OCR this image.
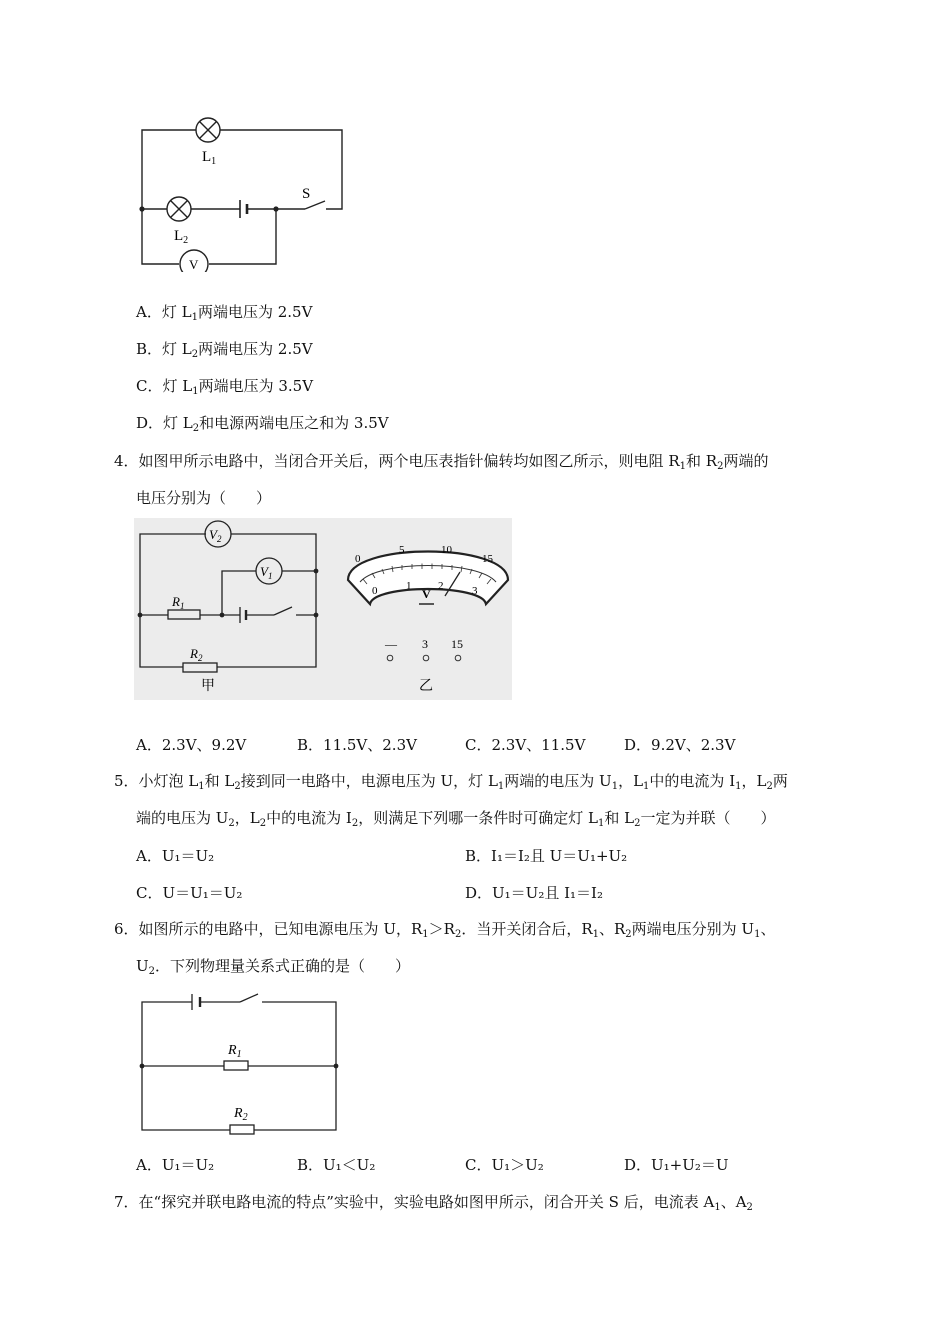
$L_1$
$L_2$
S
V
A．灯 $L_1$两端电压为 2.5V
B．灯 $L_2$两端电压为 2.5V
C．灯 $L_1$两端电压为 3.5V
D．灯 $L_2$和电源两端电压之和为 3.5V
4．如图甲所示电路中，当闭合开关后，两个电压表指针偏转均如图乙所示，则电阻 $R_1$和 $R_2$两端的
电压分别为（　　）
$V_2$
$V_1$
$R_1$
$R_2$
甲
0
5	10
15
0	1 2	3
V
— 3 15
乙
A．2.3V、9.2V	B．11.5V、2.3V	C．2.3V、11.5V	D．9.2V、2.3V
5．小灯泡 $L_1$和 $L_2$接到同一电路中，电源电压为 U，灯 $L_1$两端的电压为 $U_1$，$L_1$中的电流为 $I_1$，$L_2$两
端的电压为 $U_2$，$L_2$中的电流为 $I_2$，则满足下列哪一条件时可确定灯 $L_1$和 $L_2$一定为并联（　　）
A．U₁＝U₂	B．I₁＝I₂且 U＝U₁+U₂
C．U＝U₁＝U₂	D．U₁＝U₂且 I₁＝I₂
6．如图所示的电路中，已知电源电压为 U，$R_1>R_2$．当开关闭合后，$R_1$、$R_2$两端电压分别为 $U_1$、
$U_2$．下列物理量关系式正确的是（　　）
$R_1$
$R_2$
A．U₁＝U₂	B．U₁＜U₂	C．U₁＞U₂	D．U₁+U₂＝U
7．在“探究并联电路电流的特点”实验中，实验电路如图甲所示，闭合开关 S 后，电流表 $A_1$、$A_2$
